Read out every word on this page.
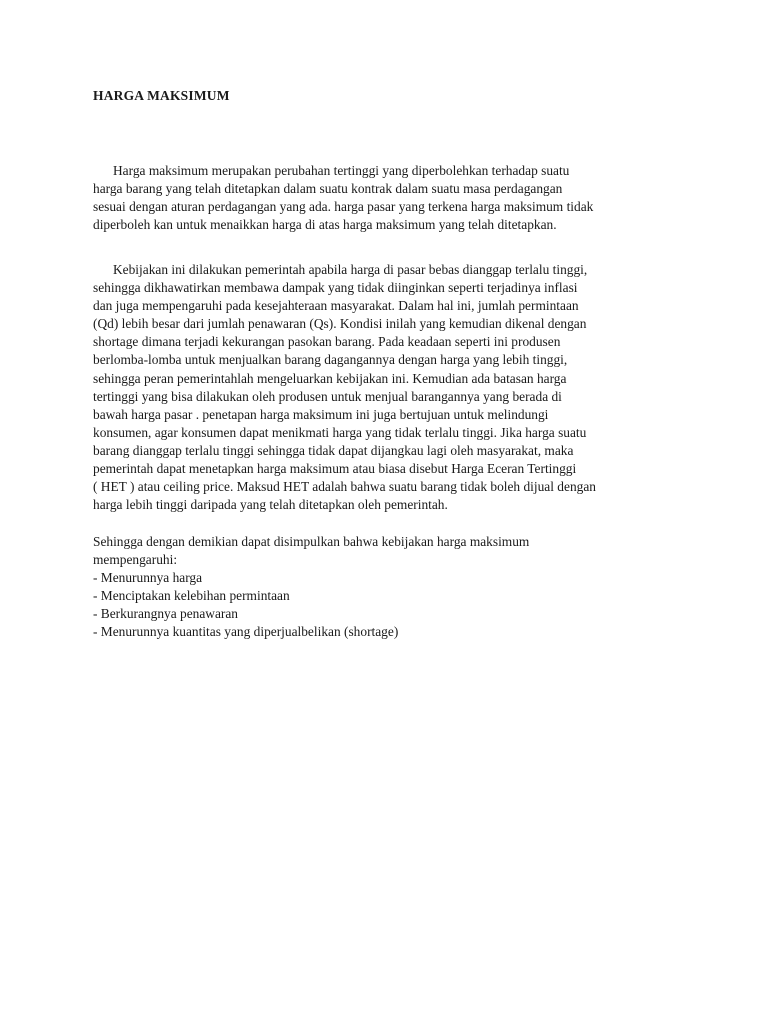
HARGA MAKSIMUM

Harga maksimum merupakan perubahan tertinggi yang diperbolehkan terhadap suatu
harga barang yang telah ditetapkan dalam suatu kontrak dalam suatu masa perdagangan
sesuai dengan aturan perdagangan yang ada. harga pasar yang terkena harga maksimum tidak
diperboleh kan untuk menaikkan harga di atas harga maksimum yang telah ditetapkan.

Kebijakan ini dilakukan pemerintah apabila harga di pasar bebas dianggap terlalu tinggi,
sehingga dikhawatirkan membawa dampak yang tidak diinginkan seperti terjadinya inflasi
dan juga mempengaruhi pada kesejahteraan masyarakat. Dalam hal ini, jumlah permintaan
(Qd) lebih besar dari jumlah penawaran (Qs). Kondisi inilah yang kemudian dikenal dengan
shortage dimana terjadi kekurangan pasokan barang. Pada keadaan seperti ini produsen
berlomba-lomba untuk menjualkan barang dagangannya dengan harga yang lebih tinggi,
sehingga peran pemerintahlah mengeluarkan kebijakan ini. Kemudian ada batasan harga
tertinggi yang bisa dilakukan oleh produsen untuk menjual barangannya yang berada di
bawah harga pasar . penetapan harga maksimum ini juga bertujuan untuk melindungi
konsumen, agar konsumen dapat menikmati harga yang tidak terlalu tinggi. Jika harga suatu
barang dianggap terlalu tinggi sehingga tidak dapat dijangkau lagi oleh masyarakat, maka
pemerintah dapat menetapkan harga maksimum atau biasa disebut Harga Eceran Tertinggi
( HET ) atau ceiling price. Maksud HET adalah bahwa suatu barang tidak boleh dijual dengan
harga lebih tinggi daripada yang telah ditetapkan oleh pemerintah.

Sehingga dengan demikian dapat disimpulkan bahwa kebijakan harga maksimum
mempengaruhi:
- Menurunnya harga
- Menciptakan kelebihan permintaan
- Berkurangnya penawaran
- Menurunnya kuantitas yang diperjualbelikan (shortage)
